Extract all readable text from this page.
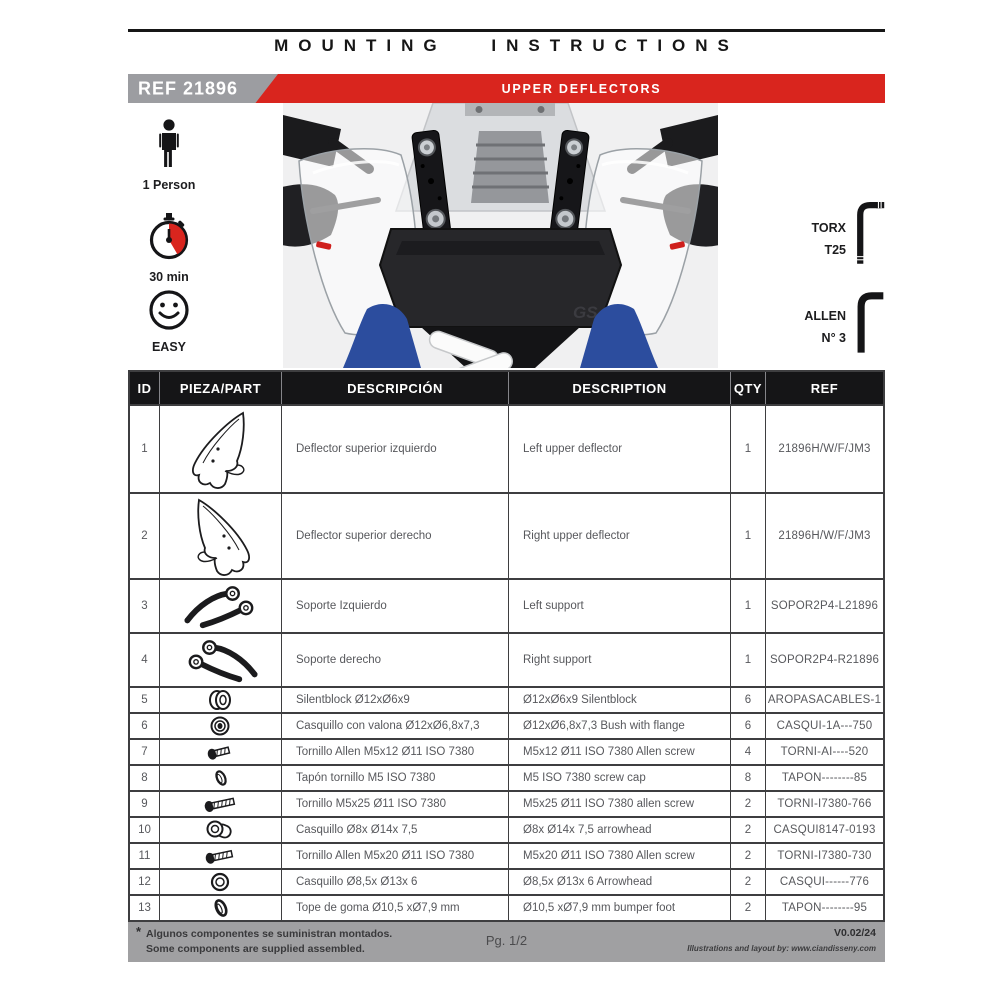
MOUNTING INSTRUCTIONS
REF 21896	UPPER DEFLECTORS
1 Person
30 min
EASY
GS
TORX
T25
ALLEN
N° 3
ID	PIEZA/PART	DESCRIPCIÓN	DESCRIPTION	QTY	REF
1	Deflector superior izquierdo	Left upper deflector	1	21896H/W/F/JM3
2	Deflector superior derecho	Right upper deflector	1	21896H/W/F/JM3
3	Soporte Izquierdo	Left support	1	SOPOR2P4-L21896
4	Soporte derecho	Right support	1	SOPOR2P4-R21896
5	Silentblock Ø12xØ6x9	Ø12xØ6x9 Silentblock	6	AROPASACABLES-1
6	Casquillo con valona Ø12xØ6,8x7,3	Ø12xØ6,8x7,3 Bush with flange	6	CASQUI-1A---750
7	Tornillo Allen M5x12 Ø11 ISO 7380	M5x12 Ø11 ISO 7380 Allen screw	4	TORNI-AI----520
8	Tapón tornillo M5 ISO 7380	M5 ISO 7380 screw cap	8	TAPON--------85
9	Tornillo M5x25 Ø11 ISO 7380	M5x25 Ø11 ISO 7380 allen screw	2	TORNI-I7380-766
10	Casquillo Ø8x Ø14x 7,5	Ø8x Ø14x 7,5 arrowhead	2	CASQUI8147-0193
11	Tornillo Allen M5x20 Ø11 ISO 7380	M5x20 Ø11 ISO 7380 Allen screw	2	TORNI-I7380-730
12	Casquillo Ø8,5x Ø13x 6	Ø8,5x Ø13x 6 Arrowhead	2	CASQUI------776
13	Tope de goma Ø10,5 xØ7,9 mm	Ø10,5 xØ7,9 mm bumper foot	2	TAPON--------95
* Algunos componentes se suministran montados.
Some components are supplied assembled.
Pg. 1/2	V0.02/24
Illustrations and layout by: www.ciandisseny.com
